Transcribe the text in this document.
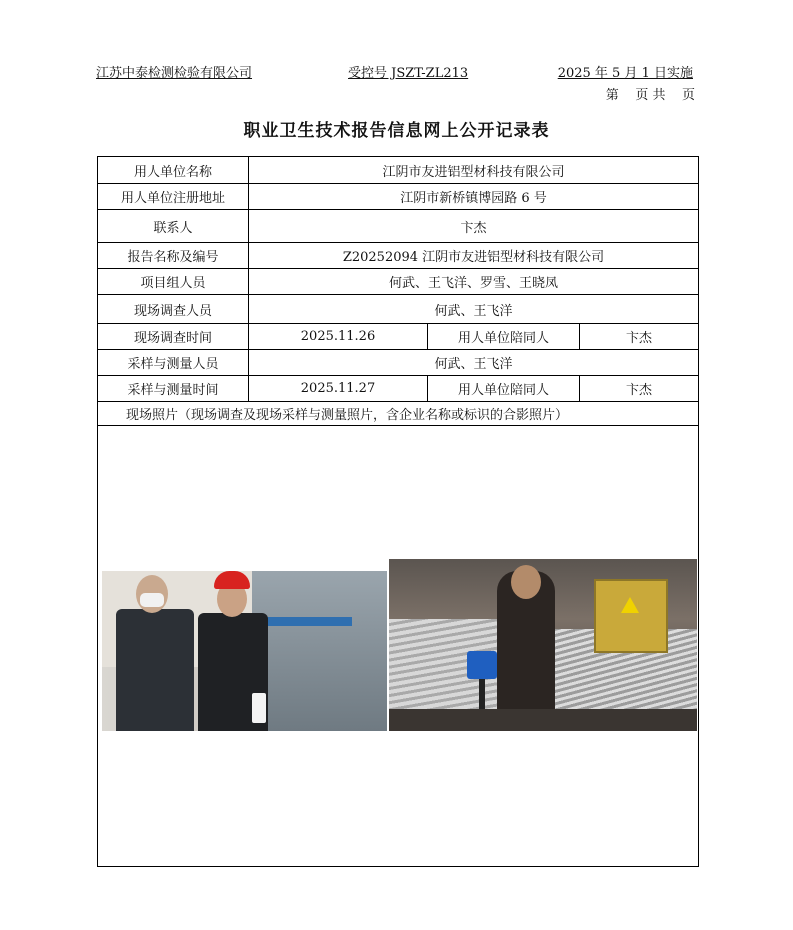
江苏中泰检测检验有限公司	受控号 JSZT-ZL213	2025 年 5 月 1 日实施
第    页 共    页
职业卫生技术报告信息网上公开记录表
用人单位名称	江阴市友进铝型材科技有限公司		
用人单位注册地址	江阴市新桥镇博园路 6 号		
联系人	卞杰		
报告名称及编号	Z20252094 江阴市友进铝型材科技有限公司		
项目组人员	何武、王飞洋、罗雪、王晓凤		
现场调查人员	何武、王飞洋		
现场调查时间	2025.11.26	用人单位陪同人	卞杰
采样与测量人员	何武、王飞洋		
采样与测量时间	2025.11.27	用人单位陪同人	卞杰
现场照片（现场调查及现场采样与测量照片，含企业名称或标识的合影照片）			
